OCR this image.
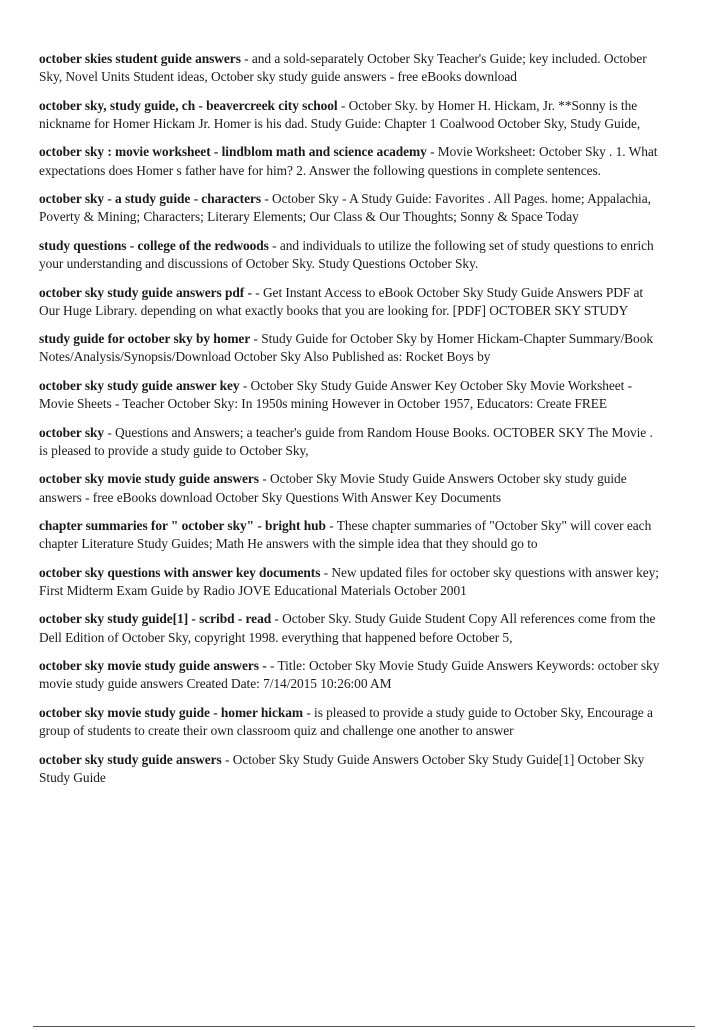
october skies student guide answers - and a sold-separately October Sky Teacher's Guide; key included. October Sky, Novel Units Student ideas, October sky study guide answers - free eBooks download

october sky, study guide, ch - beavercreek city school - October Sky. by Homer H. Hickam, Jr. **Sonny is the nickname for Homer Hickam Jr. Homer is his dad. Study Guide: Chapter 1 Coalwood October Sky, Study Guide,

october sky : movie worksheet - lindblom math and science academy - Movie Worksheet: October Sky . 1. What expectations does Homer s father have for him? 2. Answer the following questions in complete sentences.

october sky - a study guide - characters - October Sky - A Study Guide: Favorites . All Pages. home; Appalachia, Poverty & Mining; Characters; Literary Elements; Our Class & Our Thoughts; Sonny & Space Today

study questions - college of the redwoods - and individuals to utilize the following set of study questions to enrich your understanding and discussions of October Sky. Study Questions October Sky.

october sky study guide answers pdf - - Get Instant Access to eBook October Sky Study Guide Answers PDF at Our Huge Library. depending on what exactly books that you are looking for. [PDF] OCTOBER SKY STUDY

study guide for october sky by homer - Study Guide for October Sky by Homer Hickam-Chapter Summary/Book Notes/Analysis/Synopsis/Download October Sky Also Published as: Rocket Boys by

october sky study guide answer key - October Sky Study Guide Answer Key October Sky Movie Worksheet - Movie Sheets - Teacher October Sky: In 1950s mining However in October 1957, Educators: Create FREE

october sky - Questions and Answers; a teacher's guide from Random House Books. OCTOBER SKY The Movie . is pleased to provide a study guide to October Sky,

october sky movie study guide answers - October Sky Movie Study Guide Answers October sky study guide answers - free eBooks download October Sky Questions With Answer Key Documents

chapter summaries for " october sky" - bright hub - These chapter summaries of "October Sky" will cover each chapter Literature Study Guides; Math He answers with the simple idea that they should go to

october sky questions with answer key documents - New updated files for october sky questions with answer key; First Midterm Exam Guide by Radio JOVE Educational Materials October 2001

october sky study guide[1] - scribd - read - October Sky. Study Guide Student Copy All references come from the Dell Edition of October Sky, copyright 1998. everything that happened before October 5,

october sky movie study guide answers - - Title: October Sky Movie Study Guide Answers Keywords: october sky movie study guide answers Created Date: 7/14/2015 10:26:00 AM

october sky movie study guide - homer hickam - is pleased to provide a study guide to October Sky, Encourage a group of students to create their own classroom quiz and challenge one another to answer

october sky study guide answers - October Sky Study Guide Answers October Sky Study Guide[1] October Sky Study Guide
